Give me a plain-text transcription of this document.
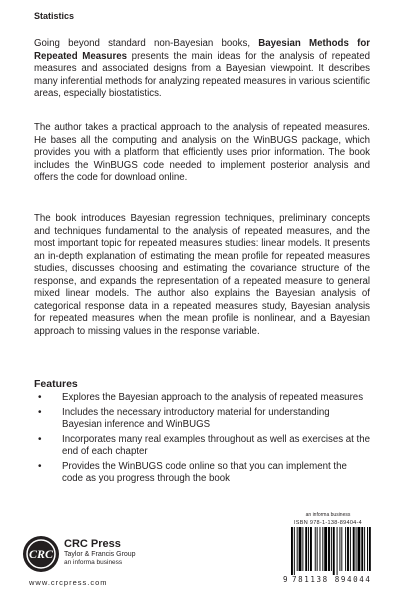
Statistics

Going beyond standard non-Bayesian books, Bayesian Methods for Repeated Measures presents the main ideas for the analysis of repeated measures and associated designs from a Bayesian viewpoint. It describes many inferential methods for analyzing repeated measures in various scientific areas, especially biostatistics.

The author takes a practical approach to the analysis of repeated measures. He bases all the computing and analysis on the WinBUGS package, which provides you with a platform that efficiently uses prior information. The book includes the WinBUGS code needed to implement posterior analysis and offers the code for download online.

The book introduces Bayesian regression techniques, preliminary concepts and techniques fundamental to the analysis of repeated measures, and the most important topic for repeated measures studies: linear models. It presents an in-depth explanation of estimating the mean profile for repeated measures studies, discusses choosing and estimating the covariance structure of the response, and expands the representation of a repeated measure to general mixed linear models. The author also explains the Bayesian analysis of categorical response data in a repeated measures study, Bayesian analysis for repeated measures when the mean profile is nonlinear, and a Bayesian approach to missing values in the response variable.

Features
• Explores the Bayesian approach to the analysis of repeated measures
• Includes the necessary introductory material for understanding Bayesian inference and WinBUGS
• Incorporates many real examples throughout as well as exercises at the end of each chapter
• Provides the WinBUGS code online so that you can implement the code as you progress through the book
CRC
CRC Press
Taylor & Francis Group
an informa business
www.crcpress.com
an informa business
ISBN 978-1-138-89404-4
9 781138 894044
